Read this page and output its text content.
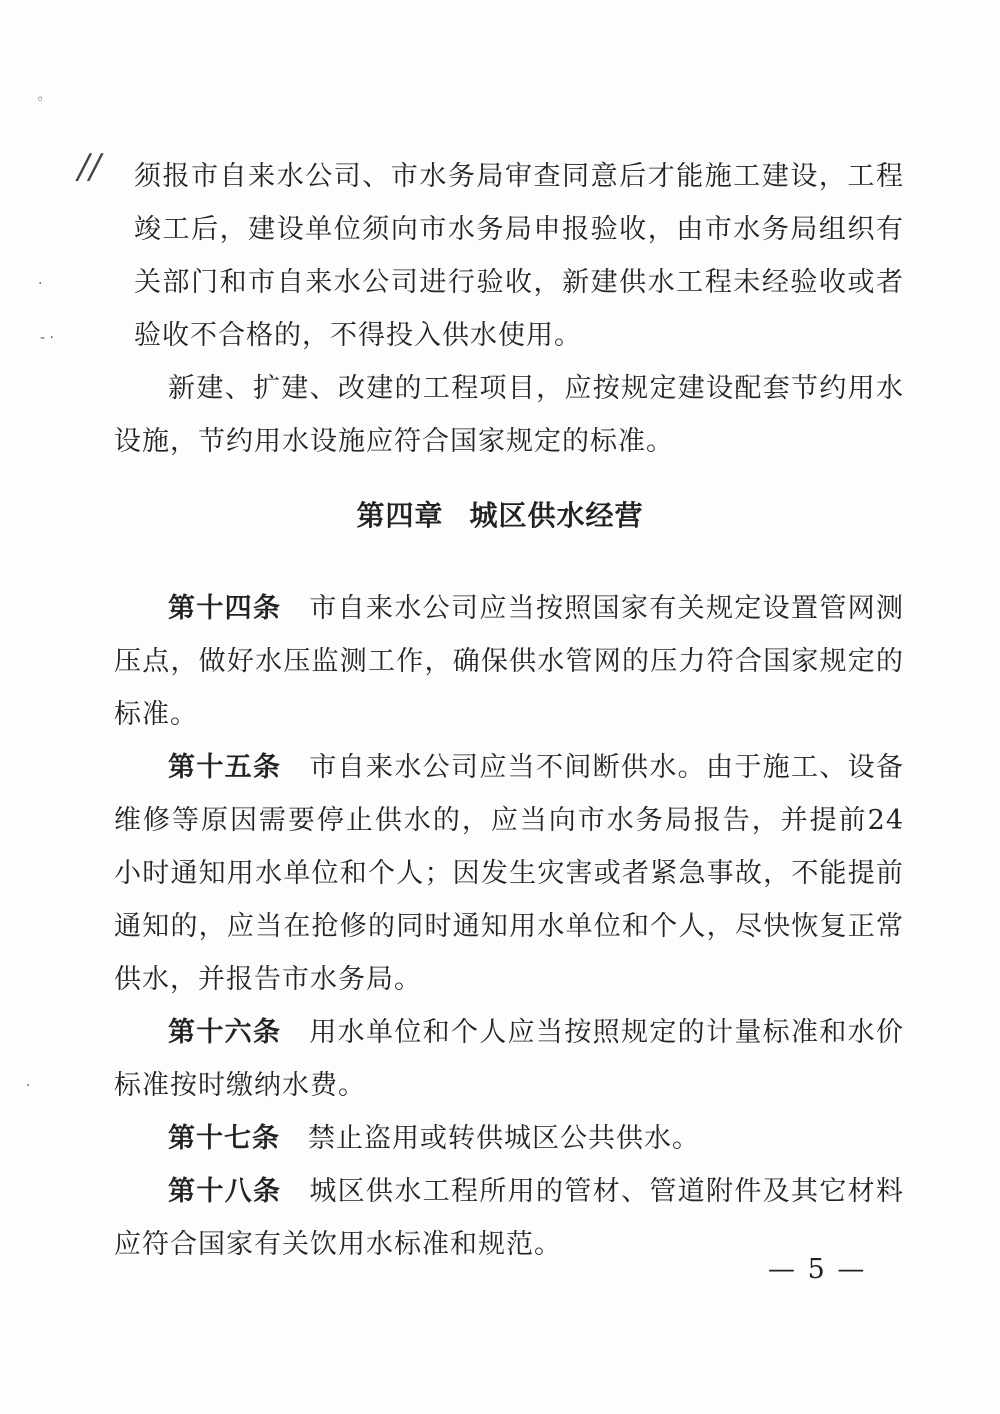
◦
·
- ·
·
//	须报市自来水公司、市水务局审查同意后才能施工建设，工程竣工后，建设单位须向市水务局申报验收，由市水务局组织有关部门和市自来水公司进行验收，新建供水工程未经验收或者验收不合格的，不得投入供水使用。

新建、扩建、改建的工程项目，应按规定建设配套节约用水设施，节约用水设施应符合国家规定的标准。

第四章 城区供水经营

第十四条 市自来水公司应当按照国家有关规定设置管网测压点，做好水压监测工作，确保供水管网的压力符合国家规定的标准。

第十五条 市自来水公司应当不间断供水。由于施工、设备维修等原因需要停止供水的，应当向市水务局报告，并提前24小时通知用水单位和个人；因发生灾害或者紧急事故，不能提前通知的，应当在抢修的同时通知用水单位和个人，尽快恢复正常供水，并报告市水务局。

第十六条 用水单位和个人应当按照规定的计量标准和水价标准按时缴纳水费。

第十七条 禁止盗用或转供城区公共供水。

第十八条 城区供水工程所用的管材、管道附件及其它材料应符合国家有关饮用水标准和规范。

— 5 —
